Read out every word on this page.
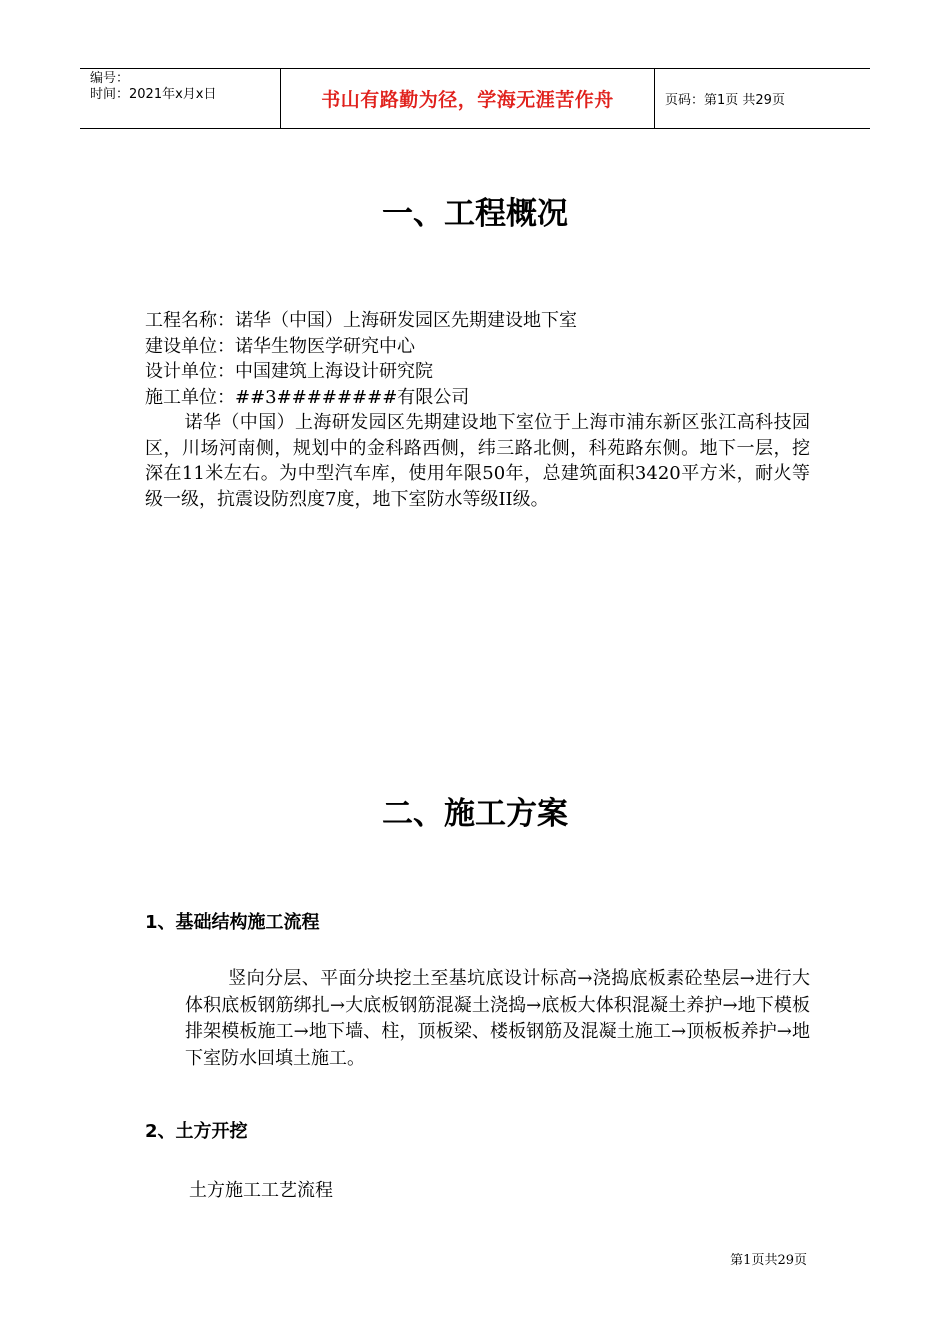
编号：
时间：2021年x月x日	书山有路勤为径，学海无涯苦作舟	页码：第1页 共29页
一、工程概况
工程名称：诺华（中国）上海研发园区先期建设地下室
建设单位：诺华生物医学研究中心
设计单位：中国建筑上海设计研究院
施工单位：##3########有限公司
诺华（中国）上海研发园区先期建设地下室位于上海市浦东新区张江高科技园区，川场河南侧，规划中的金科路西侧，纬三路北侧，科苑路东侧。地下一层，挖深在11米左右。为中型汽车库，使用年限50年，总建筑面积3420平方米，耐火等级一级，抗震设防烈度7度，地下室防水等级II级。
二、施工方案
1、基础结构施工流程
竖向分层、平面分块挖土至基坑底设计标高→浇捣底板素砼垫层→进行大体积底板钢筋绑扎→大底板钢筋混凝土浇捣→底板大体积混凝土养护→地下模板排架模板施工→地下墙、柱，顶板梁、楼板钢筋及混凝土施工→顶板板养护→地下室防水回填土施工。
2、土方开挖

土方施工工艺流程

第1页共29页
